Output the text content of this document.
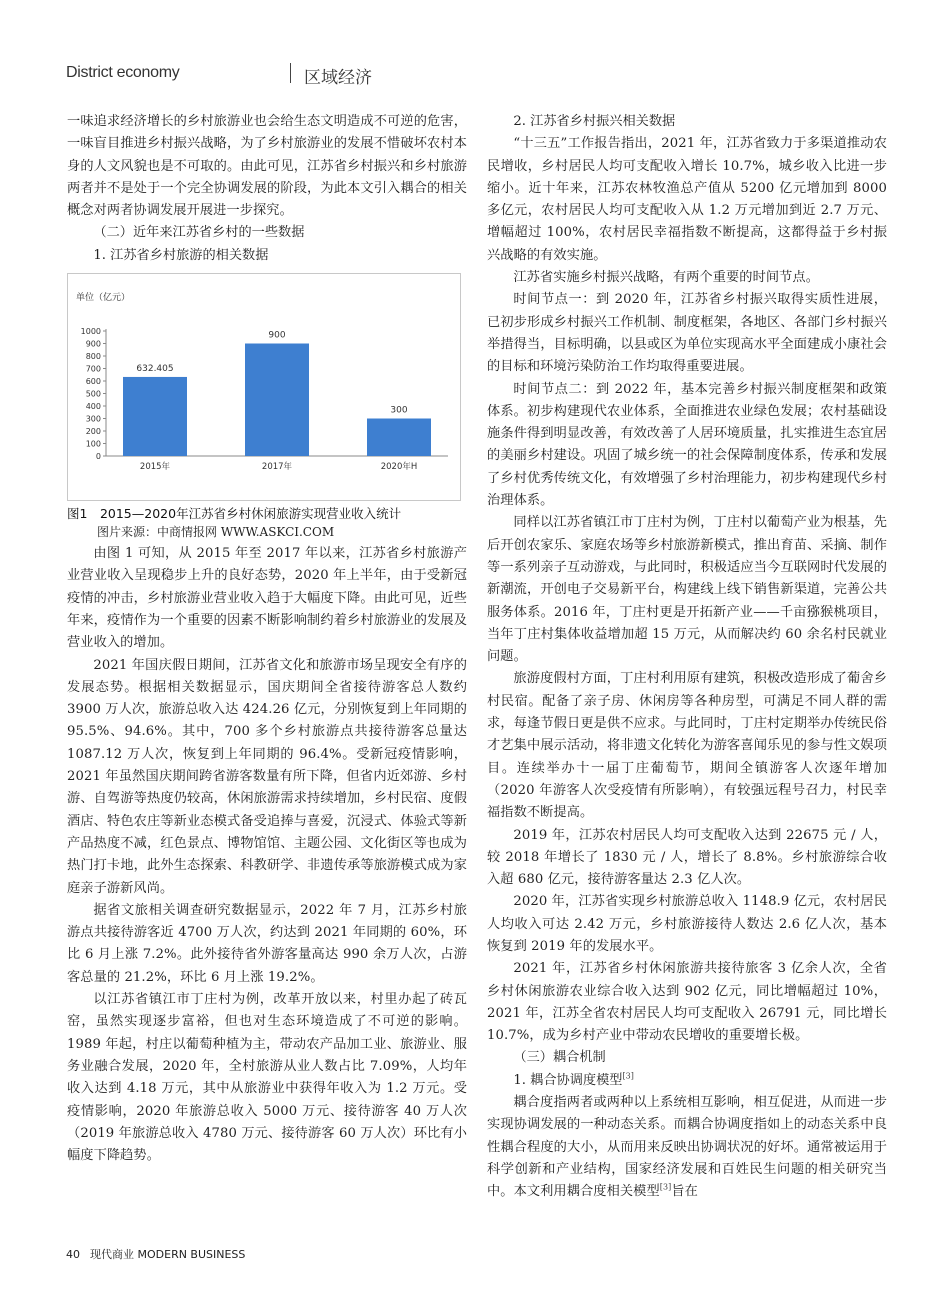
District economy	区域经济

一味追求经济增长的乡村旅游业也会给生态文明造成不可逆的危害，一味盲目推进乡村振兴战略，为了乡村旅游业的发展不惜破坏农村本身的人文风貌也是不可取的。由此可见，江苏省乡村振兴和乡村旅游两者并不是处于一个完全协调发展的阶段，为此本文引入耦合的相关概念对两者协调发展开展进一步探究。

（二）近年来江苏省乡村的一些数据

1. 江苏省乡村旅游的相关数据

单位（亿元）
0
100
200
300
400
500
600
700
800
900
1000
632.405
2015年
900
2017年
300
2020年H

图1　2015—2020年江苏省乡村休闲旅游实现营业收入统计

图片来源：中商情报网 WWW.ASKCI.COM

由图 1 可知，从 2015 年至 2017 年以来，江苏省乡村旅游产业营业收入呈现稳步上升的良好态势，2020 年上半年，由于受新冠疫情的冲击，乡村旅游业营业收入趋于大幅度下降。由此可见，近些年来，疫情作为一个重要的因素不断影响制约着乡村旅游业的发展及营业收入的增加。

2021 年国庆假日期间，江苏省文化和旅游市场呈现安全有序的发展态势。根据相关数据显示，国庆期间全省接待游客总人数约 3900 万人次，旅游总收入达 424.26 亿元，分别恢复到上年同期的 95.5%、94.6%。其中，700 多个乡村旅游点共接待游客总量达 1087.12 万人次，恢复到上年同期的 96.4%。受新冠疫情影响，2021 年虽然国庆期间跨省游客数量有所下降，但省内近郊游、乡村游、自驾游等热度仍较高，休闲旅游需求持续增加，乡村民宿、度假酒店、特色农庄等新业态模式备受追捧与喜爱，沉浸式、体验式等新产品热度不减，红色景点、博物馆馆、主题公园、文化街区等也成为热门打卡地，此外生态探索、科教研学、非遗传承等旅游模式成为家庭亲子游新风尚。

据省文旅相关调查研究数据显示，2022 年 7 月，江苏乡村旅游点共接待游客近 4700 万人次，约达到 2021 年同期的 60%，环比 6 月上涨 7.2%。此外接待省外游客量高达 990 余万人次，占游客总量的 21.2%，环比 6 月上涨 19.2%。

以江苏省镇江市丁庄村为例，改革开放以来，村里办起了砖瓦窑，虽然实现逐步富裕，但也对生态环境造成了不可逆的影响。1989 年起，村庄以葡萄种植为主，带动农产品加工业、旅游业、服务业融合发展，2020 年，全村旅游从业人数占比 7.09%，人均年收入达到 4.18 万元，其中从旅游业中获得年收入为 1.2 万元。受疫情影响，2020 年旅游总收入 5000 万元、接待游客 40 万人次（2019 年旅游总收入 4780 万元、接待游客 60 万人次）环比有小幅度下降趋势。

2. 江苏省乡村振兴相关数据

“十三五”工作报告指出，2021 年，江苏省致力于多渠道推动农民增收，乡村居民人均可支配收入增长 10.7%，城乡收入比进一步缩小。近十年来，江苏农林牧渔总产值从 5200 亿元增加到 8000 多亿元，农村居民人均可支配收入从 1.2 万元增加到近 2.7 万元、增幅超过 100%，农村居民幸福指数不断提高，这都得益于乡村振兴战略的有效实施。

江苏省实施乡村振兴战略，有两个重要的时间节点。

时间节点一：到 2020 年，江苏省乡村振兴取得实质性进展，已初步形成乡村振兴工作机制、制度框架，各地区、各部门乡村振兴举措得当，目标明确，以县或区为单位实现高水平全面建成小康社会的目标和环境污染防治工作均取得重要进展。

时间节点二：到 2022 年，基本完善乡村振兴制度框架和政策体系。初步构建现代农业体系，全面推进农业绿色发展；农村基础设施条件得到明显改善，有效改善了人居环境质量，扎实推进生态宜居的美丽乡村建设。巩固了城乡统一的社会保障制度体系，传承和发展了乡村优秀传统文化，有效增强了乡村治理能力，初步构建现代乡村治理体系。

同样以江苏省镇江市丁庄村为例，丁庄村以葡萄产业为根基，先后开创农家乐、家庭农场等乡村旅游新模式，推出育苗、采摘、制作等一系列亲子互动游戏，与此同时，积极适应当今互联网时代发展的新潮流，开创电子交易新平台，构建线上线下销售新渠道，完善公共服务体系。2016 年，丁庄村更是开拓新产业——千亩猕猴桃项目，当年丁庄村集体收益增加超 15 万元，从而解决约 60 余名村民就业问题。

旅游度假村方面，丁庄村利用原有建筑，积极改造形成了葡舍乡村民宿。配备了亲子房、休闲房等各种房型，可满足不同人群的需求，每逢节假日更是供不应求。与此同时，丁庄村定期举办传统民俗才艺集中展示活动，将非遗文化转化为游客喜闻乐见的参与性文娱项目。连续举办十一届丁庄葡萄节，期间全镇游客人次逐年增加（2020 年游客人次受疫情有所影响），有较强远程号召力，村民幸福指数不断提高。

2019 年，江苏农村居民人均可支配收入达到 22675 元 / 人，较 2018 年增长了 1830 元 / 人，增长了 8.8%。乡村旅游综合收入超 680 亿元，接待游客量达 2.3 亿人次。

2020 年，江苏省实现乡村旅游总收入 1148.9 亿元，农村居民人均收入可达 2.42 万元，乡村旅游接待人数达 2.6 亿人次，基本恢复到 2019 年的发展水平。

2021 年，江苏省乡村休闲旅游共接待旅客 3 亿余人次，全省乡村休闲旅游农业综合收入达到 902 亿元，同比增幅超过 10%，2021 年，江苏全省农村居民人均可支配收入 26791 元，同比增长 10.7%，成为乡村产业中带动农民增收的重要增长极。

（三）耦合机制

1. 耦合协调度模型[3]

耦合度指两者或两种以上系统相互影响，相互促进，从而进一步实现协调发展的一种动态关系。而耦合协调度指如上的动态关系中良性耦合程度的大小，从而用来反映出协调状况的好坏。通常被运用于科学创新和产业结构，国家经济发展和百姓民生问题的相关研究当中。本文利用耦合度相关模型[3]旨在

40 现代商业 MODERN BUSINESS
